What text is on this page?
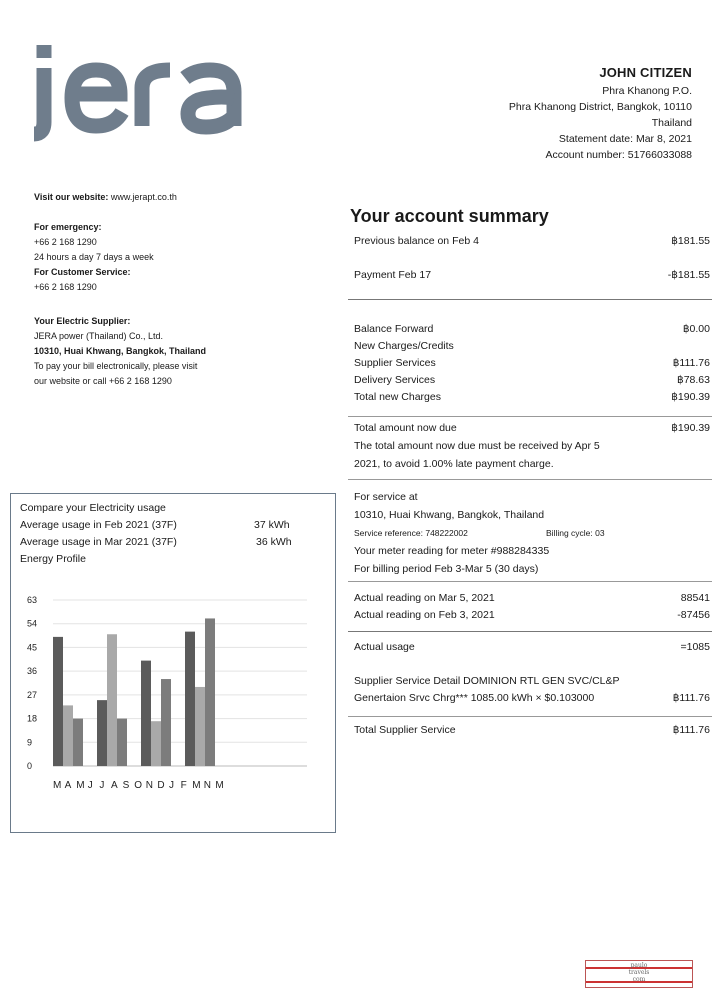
JOHN CITIZEN
Phra Khanong P.O.
Phra Khanong District, Bangkok, 10110
Thailand
Statement date: Mar 8, 2021
Account number: 51766033088
Visit our website: www.jerapt.co.th
For emergency:
+66 2 168 1290
24 hours a day 7 days a week
For Customer Service:
+66 2 168 1290
Your Electric Supplier:
JERA power (Thailand) Co., Ltd.
10310, Huai Khwang, Bangkok, Thailand
To pay your bill electronically, please visit
our website or call +66 2 168 1290
Your account summary
Previous balance on Feb 4	฿181.55
Payment Feb 17	-฿181.55
Balance Forward	฿0.00
New Charges/Credits
Supplier Services	฿111.76
Delivery Services	฿78.63
Total new Charges	฿190.39
Total amount now due	฿190.39
The total amount now due must be received by Apr 5
2021, to avoid 1.00% late payment charge.
For service at
10310, Huai Khwang, Bangkok, Thailand
Service reference: 748222002	Billing cycle: 03
Your meter reading for meter #988284335
For billing period Feb 3-Mar 5 (30 days)
Actual reading on Mar 5, 2021	88541
Actual reading on Feb 3, 2021	-87456
Actual usage	=1085
Supplier Service Detail DOMINION RTL GEN SVC/CL&P
Genertaion Srvc Chrg*** 1085.00 kWh × $0.103000	฿111.76
Total Supplier Service	฿111.76
Compare your Electricity usage
Average usage in Feb 2021 (37F)	37 kWh
Average usage in Mar 2021 (37F)	36 kWh
Energy Profile
0
9
18
27
36
45
54
63
M A M J J A S O N D J F M N M
paulo
travels
com
